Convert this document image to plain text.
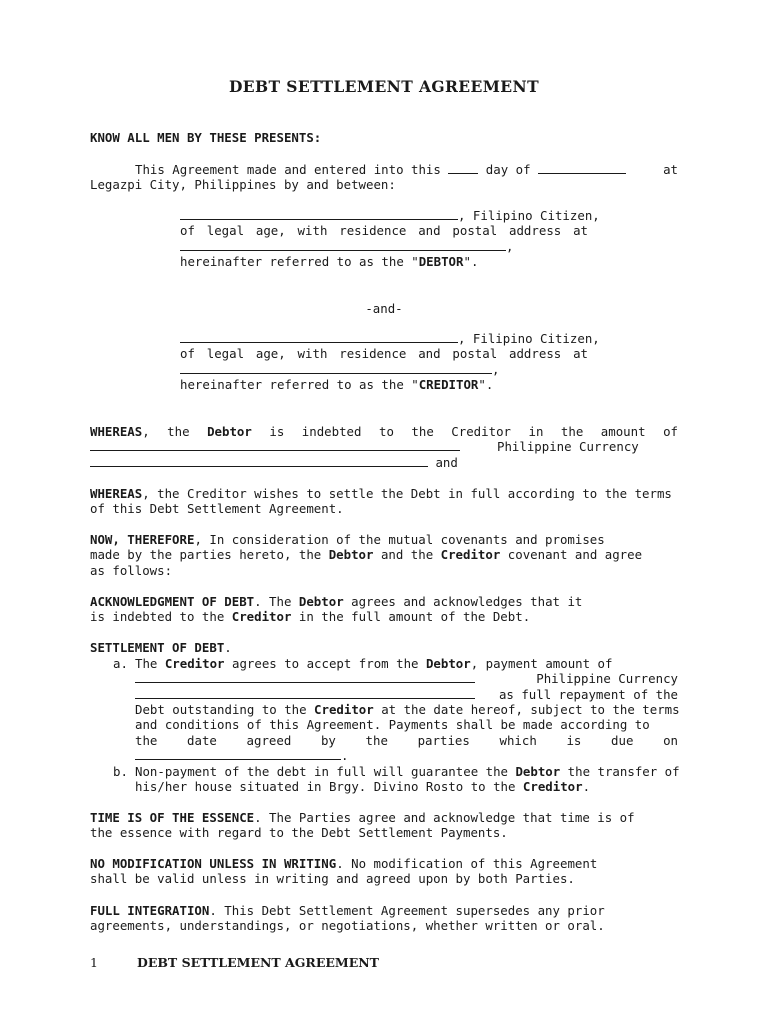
DEBT SETTLEMENT AGREEMENT
KNOW ALL MEN BY THESE PRESENTS:
This Agreement made and entered into this	day of	at
Legazpi City, Philippines by and between:
, Filipino Citizen,
of legal age, with residence and postal address at
,
hereinafter referred to as the "DEBTOR".
-and-
, Filipino Citizen,
of legal age, with residence and postal address at
,
hereinafter referred to as the "CREDITOR".
WHEREAS, the Debtor is indebted to the Creditor in the amount of
Philippine Currency
and
WHEREAS, the Creditor wishes to settle the Debt in full according to the terms
of this Debt Settlement Agreement.
NOW, THEREFORE, In consideration of the mutual covenants and promises
made by the parties hereto, the Debtor and the Creditor covenant and agree
as follows:
ACKNOWLEDGMENT OF DEBT. The Debtor agrees and acknowledges that it
is indebted to the Creditor in the full amount of the Debt.
SETTLEMENT OF DEBT.
a. The Creditor agrees to accept from the Debtor, payment amount of
Philippine Currency
as full repayment of the
Debt outstanding to the Creditor at the date hereof, subject to the terms
and conditions of this Agreement. Payments shall be made according to
the date agreed by the parties which is due on
.
b. Non-payment of the debt in full will guarantee the Debtor the transfer of
his/her house situated in Brgy. Divino Rosto to the Creditor.
TIME IS OF THE ESSENCE. The Parties agree and acknowledge that time is of
the essence with regard to the Debt Settlement Payments.
NO MODIFICATION UNLESS IN WRITING. No modification of this Agreement
shall be valid unless in writing and agreed upon by both Parties.
FULL INTEGRATION. This Debt Settlement Agreement supersedes any prior
agreements, understandings, or negotiations, whether written or oral.
1	DEBT SETTLEMENT AGREEMENT
